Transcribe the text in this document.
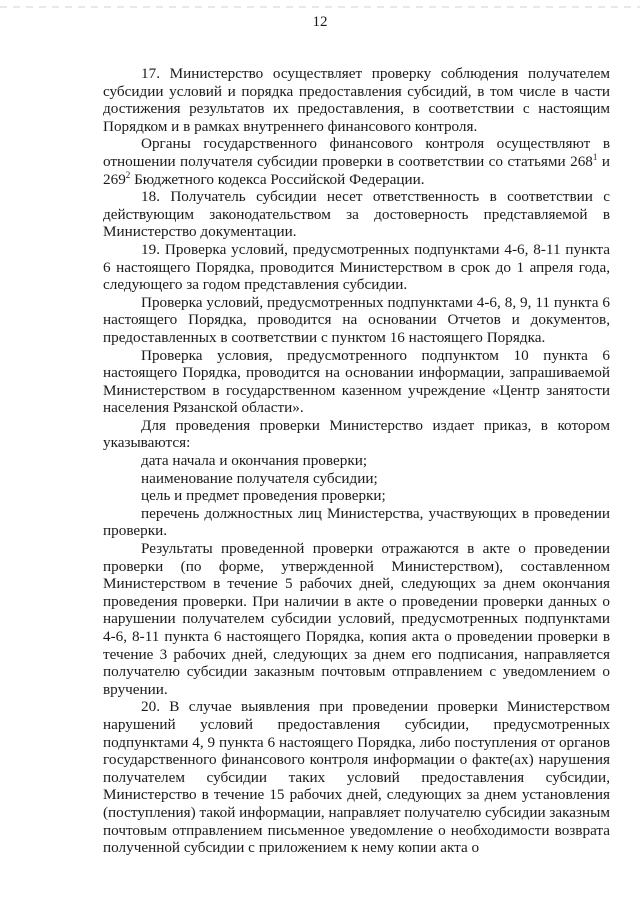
12

17. Министерство осуществляет проверку соблюдения получателем субсидии условий и порядка предоставления субсидий, в том числе в части достижения результатов их предоставления, в соответствии с настоящим Порядком и в рамках внутреннего финансового контроля.

Органы государственного финансового контроля осуществляют в отношении получателя субсидии проверки в соответствии со статьями $268^1$ и $269^2$ Бюджетного кодекса Российской Федерации.

18. Получатель субсидии несет ответственность в соответствии с действующим законодательством за достоверность представляемой в Министерство документации.

19. Проверка условий, предусмотренных подпунктами 4-6, 8-11 пункта 6 настоящего Порядка, проводится Министерством в срок до 1 апреля года, следующего за годом представления субсидии.

Проверка условий, предусмотренных подпунктами 4-6, 8, 9, 11 пункта 6 настоящего Порядка, проводится на основании Отчетов и документов, предоставленных в соответствии с пунктом 16 настоящего Порядка.

Проверка условия, предусмотренного подпунктом 10 пункта 6 настоящего Порядка, проводится на основании информации, запрашиваемой Министерством в государственном казенном учреждение «Центр занятости населения Рязанской области».

Для проведения проверки Министерство издает приказ, в котором указываются:

дата начала и окончания проверки;

наименование получателя субсидии;

цель и предмет проведения проверки;

перечень должностных лиц Министерства, участвующих в проведении проверки.

Результаты проведенной проверки отражаются в акте о проведении проверки (по форме, утвержденной Министерством), составленном Министерством в течение 5 рабочих дней, следующих за днем окончания проведения проверки. При наличии в акте о проведении проверки данных о нарушении получателем субсидии условий, предусмотренных подпунктами 4-6, 8-11 пункта 6 настоящего Порядка, копия акта о проведении проверки в течение 3 рабочих дней, следующих за днем его подписания, направляется получателю субсидии заказным почтовым отправлением с уведомлением о вручении.

20. В случае выявления при проведении проверки Министерством нарушений условий предоставления субсидии, предусмотренных подпунктами 4, 9 пункта 6 настоящего Порядка, либо поступления от органов государственного финансового контроля информации о факте(ах) нарушения получателем субсидии таких условий предоставления субсидии, Министерство в течение 15 рабочих дней, следующих за днем установления (поступления) такой информации, направляет получателю субсидии заказным почтовым отправлением письменное уведомление о необходимости возврата полученной субсидии с приложением к нему копии акта о
